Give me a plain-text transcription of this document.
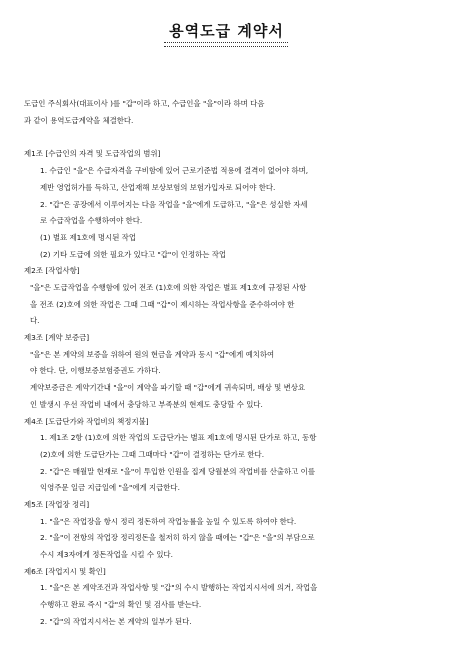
용역도급 계약서
도급인 주식회사(대표이사 )를 "갑"이라 하고, 수급인을 "을"이라 하며 다음
과 같이 용역도급계약을 체결한다.
제1조 [수급인의 자격 및 도급작업의 범위]
1. 수급인 "을"은 수급자격을 구비함에 있어 근로기준법 적용에 결격이 없어야 하며,
제반 영업허가를 득하고, 산업재해 보상보험의 보험가입자로 되어야 한다.
2. "갑"은 공장에서 이루어지는 다음 작업을 "을"에게 도급하고, "을"은 성실한 자세
로 수급작업을 수행하여야 한다.
(1) 별표 제1호에 명시된 작업
(2) 기타 도급에 의한 필요가 있다고 "갑"이 인정하는 작업
제2조 [작업사항]
"을"은 도급작업을 수행함에 있어 전조 (1)호에 의한 작업은 별표 제1호에 규정된 사항
을 전조 (2)호에 의한 작업은 그때 그때 "갑"이 제시하는 작업사항을 준수하여야 한
다.
제3조 [계약 보증금]
"을"은 본 계약의 보증을 위하여 원의 현금을 계약과 동시 "갑"에게 예치하여
야 한다. 단, 이행보증보험증권도 가하다.
계약보증금은 계약기간내 "을"이 계약을 파기할 때 "갑"에게 귀속되며, 배상 및 변상요
인 발생시 우선 작업비 내에서 충당하고 부족분의 현제도 충당할 수 있다.
제4조 [도급단가와 작업비의 책정지불]
1. 제1조 2항 (1)호에 의한 작업의 도급단가는 별표 제1호에 명시된 단가로 하고, 동항
(2)호에 의한 도급단가는 그때 그때마다 "갑"이 결정하는 단가로 한다.
2. "갑"은 매월말 현재로 "을"이 투입한 인원을 집계 당월분의 작업비를 산출하고 이를
익영주문 일금 지급일에 "을"에게 지급한다.
제5조 [작업장 정리]
1. "을"은 작업장을 항시 정리 정돈하여 작업능률을 높일 수 있도록 하여야 한다.
2. "을"이 전항의 작업장 정리정돈을 철저히 하지 않을 때에는 "갑"은 "을"의 부담으로
수시 제3자에게 정돈작업을 시킬 수 있다.
제6조 [작업지시 및 확인]
1. "을"은 본 계약조건과 작업사항 및 "갑"의 수시 발행하는 작업지시서에 의거, 작업을
수행하고 완료 즉시 "갑"의 확인 및 검사를 받는다.
2. "갑"의 작업지시서는 본 계약의 일부가 된다.
